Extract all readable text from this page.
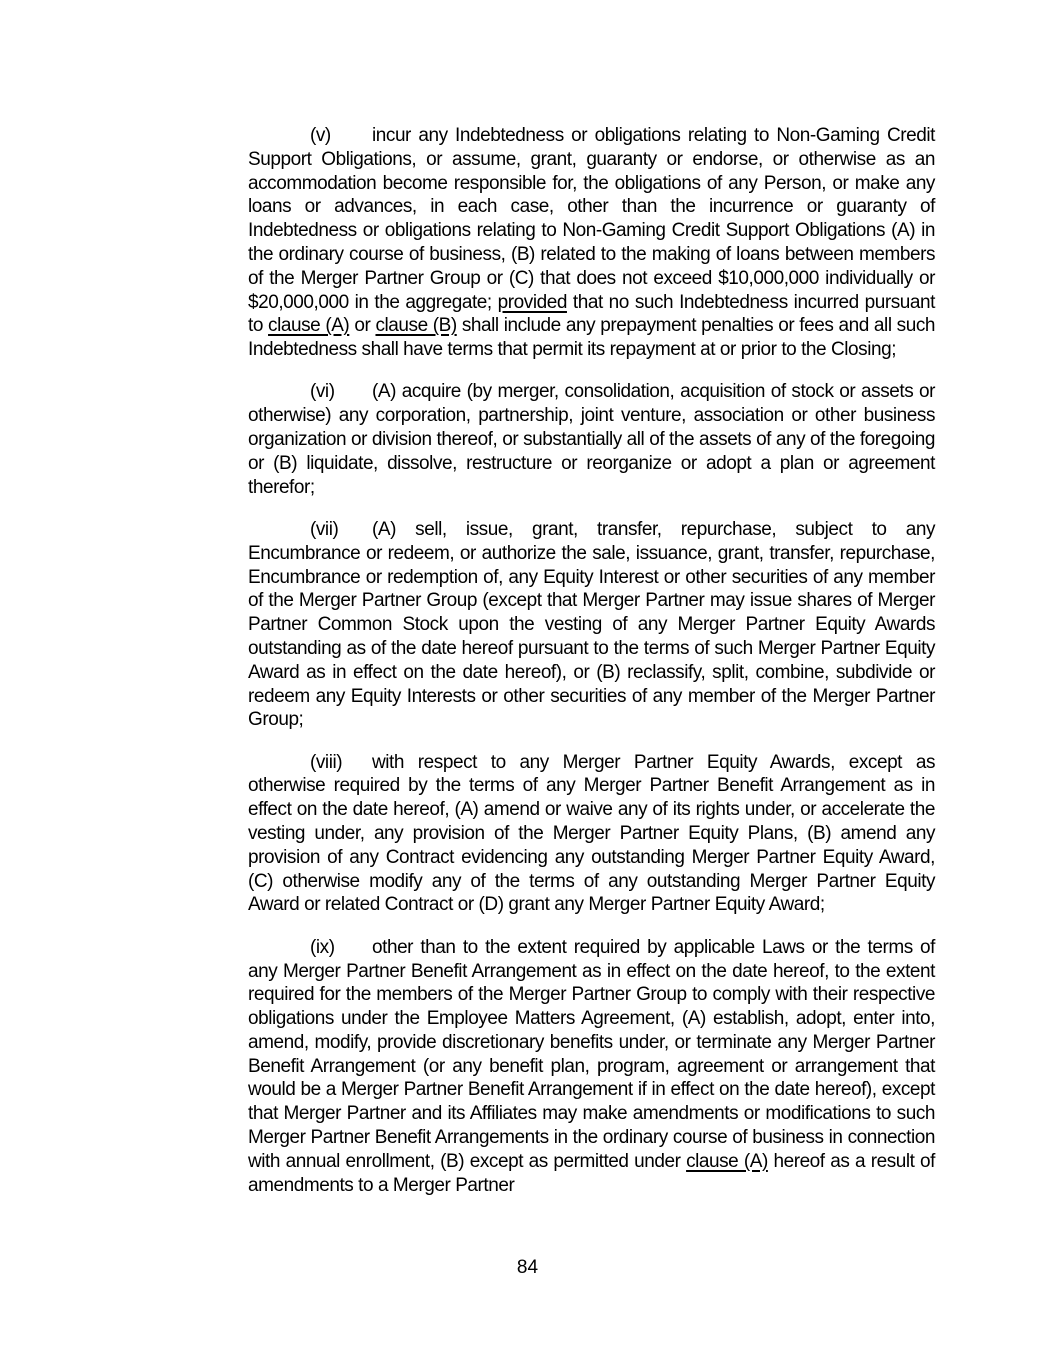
(v) incur any Indebtedness or obligations relating to Non-Gaming Credit Support Obligations, or assume, grant, guaranty or endorse, or otherwise as an accommodation become responsible for, the obligations of any Person, or make any loans or advances, in each case, other than the incurrence or guaranty of Indebtedness or obligations relating to Non-Gaming Credit Support Obligations (A) in the ordinary course of business, (B) related to the making of loans between members of the Merger Partner Group or (C) that does not exceed $10,000,000 individually or $20,000,000 in the aggregate; provided that no such Indebtedness incurred pursuant to clause (A) or clause (B) shall include any prepayment penalties or fees and all such Indebtedness shall have terms that permit its repayment at or prior to the Closing;

(vi) (A) acquire (by merger, consolidation, acquisition of stock or assets or otherwise) any corporation, partnership, joint venture, association or other business organization or division thereof, or substantially all of the assets of any of the foregoing or (B) liquidate, dissolve, restructure or reorganize or adopt a plan or agreement therefor;

(vii) (A) sell, issue, grant, transfer, repurchase, subject to any Encumbrance or redeem, or authorize the sale, issuance, grant, transfer, repurchase, Encumbrance or redemption of, any Equity Interest or other securities of any member of the Merger Partner Group (except that Merger Partner may issue shares of Merger Partner Common Stock upon the vesting of any Merger Partner Equity Awards outstanding as of the date hereof pursuant to the terms of such Merger Partner Equity Award as in effect on the date hereof), or (B) reclassify, split, combine, subdivide or redeem any Equity Interests or other securities of any member of the Merger Partner Group;

(viii) with respect to any Merger Partner Equity Awards, except as otherwise required by the terms of any Merger Partner Benefit Arrangement as in effect on the date hereof, (A) amend or waive any of its rights under, or accelerate the vesting under, any provision of the Merger Partner Equity Plans, (B) amend any provision of any Contract evidencing any outstanding Merger Partner Equity Award, (C) otherwise modify any of the terms of any outstanding Merger Partner Equity Award or related Contract or (D) grant any Merger Partner Equity Award;

(ix) other than to the extent required by applicable Laws or the terms of any Merger Partner Benefit Arrangement as in effect on the date hereof, to the extent required for the members of the Merger Partner Group to comply with their respective obligations under the Employee Matters Agreement, (A) establish, adopt, enter into, amend, modify, provide discretionary benefits under, or terminate any Merger Partner Benefit Arrangement (or any benefit plan, program, agreement or arrangement that would be a Merger Partner Benefit Arrangement if in effect on the date hereof), except that Merger Partner and its Affiliates may make amendments or modifications to such Merger Partner Benefit Arrangements in the ordinary course of business in connection with annual enrollment, (B) except as permitted under clause (A) hereof as a result of amendments to a Merger Partner

84
